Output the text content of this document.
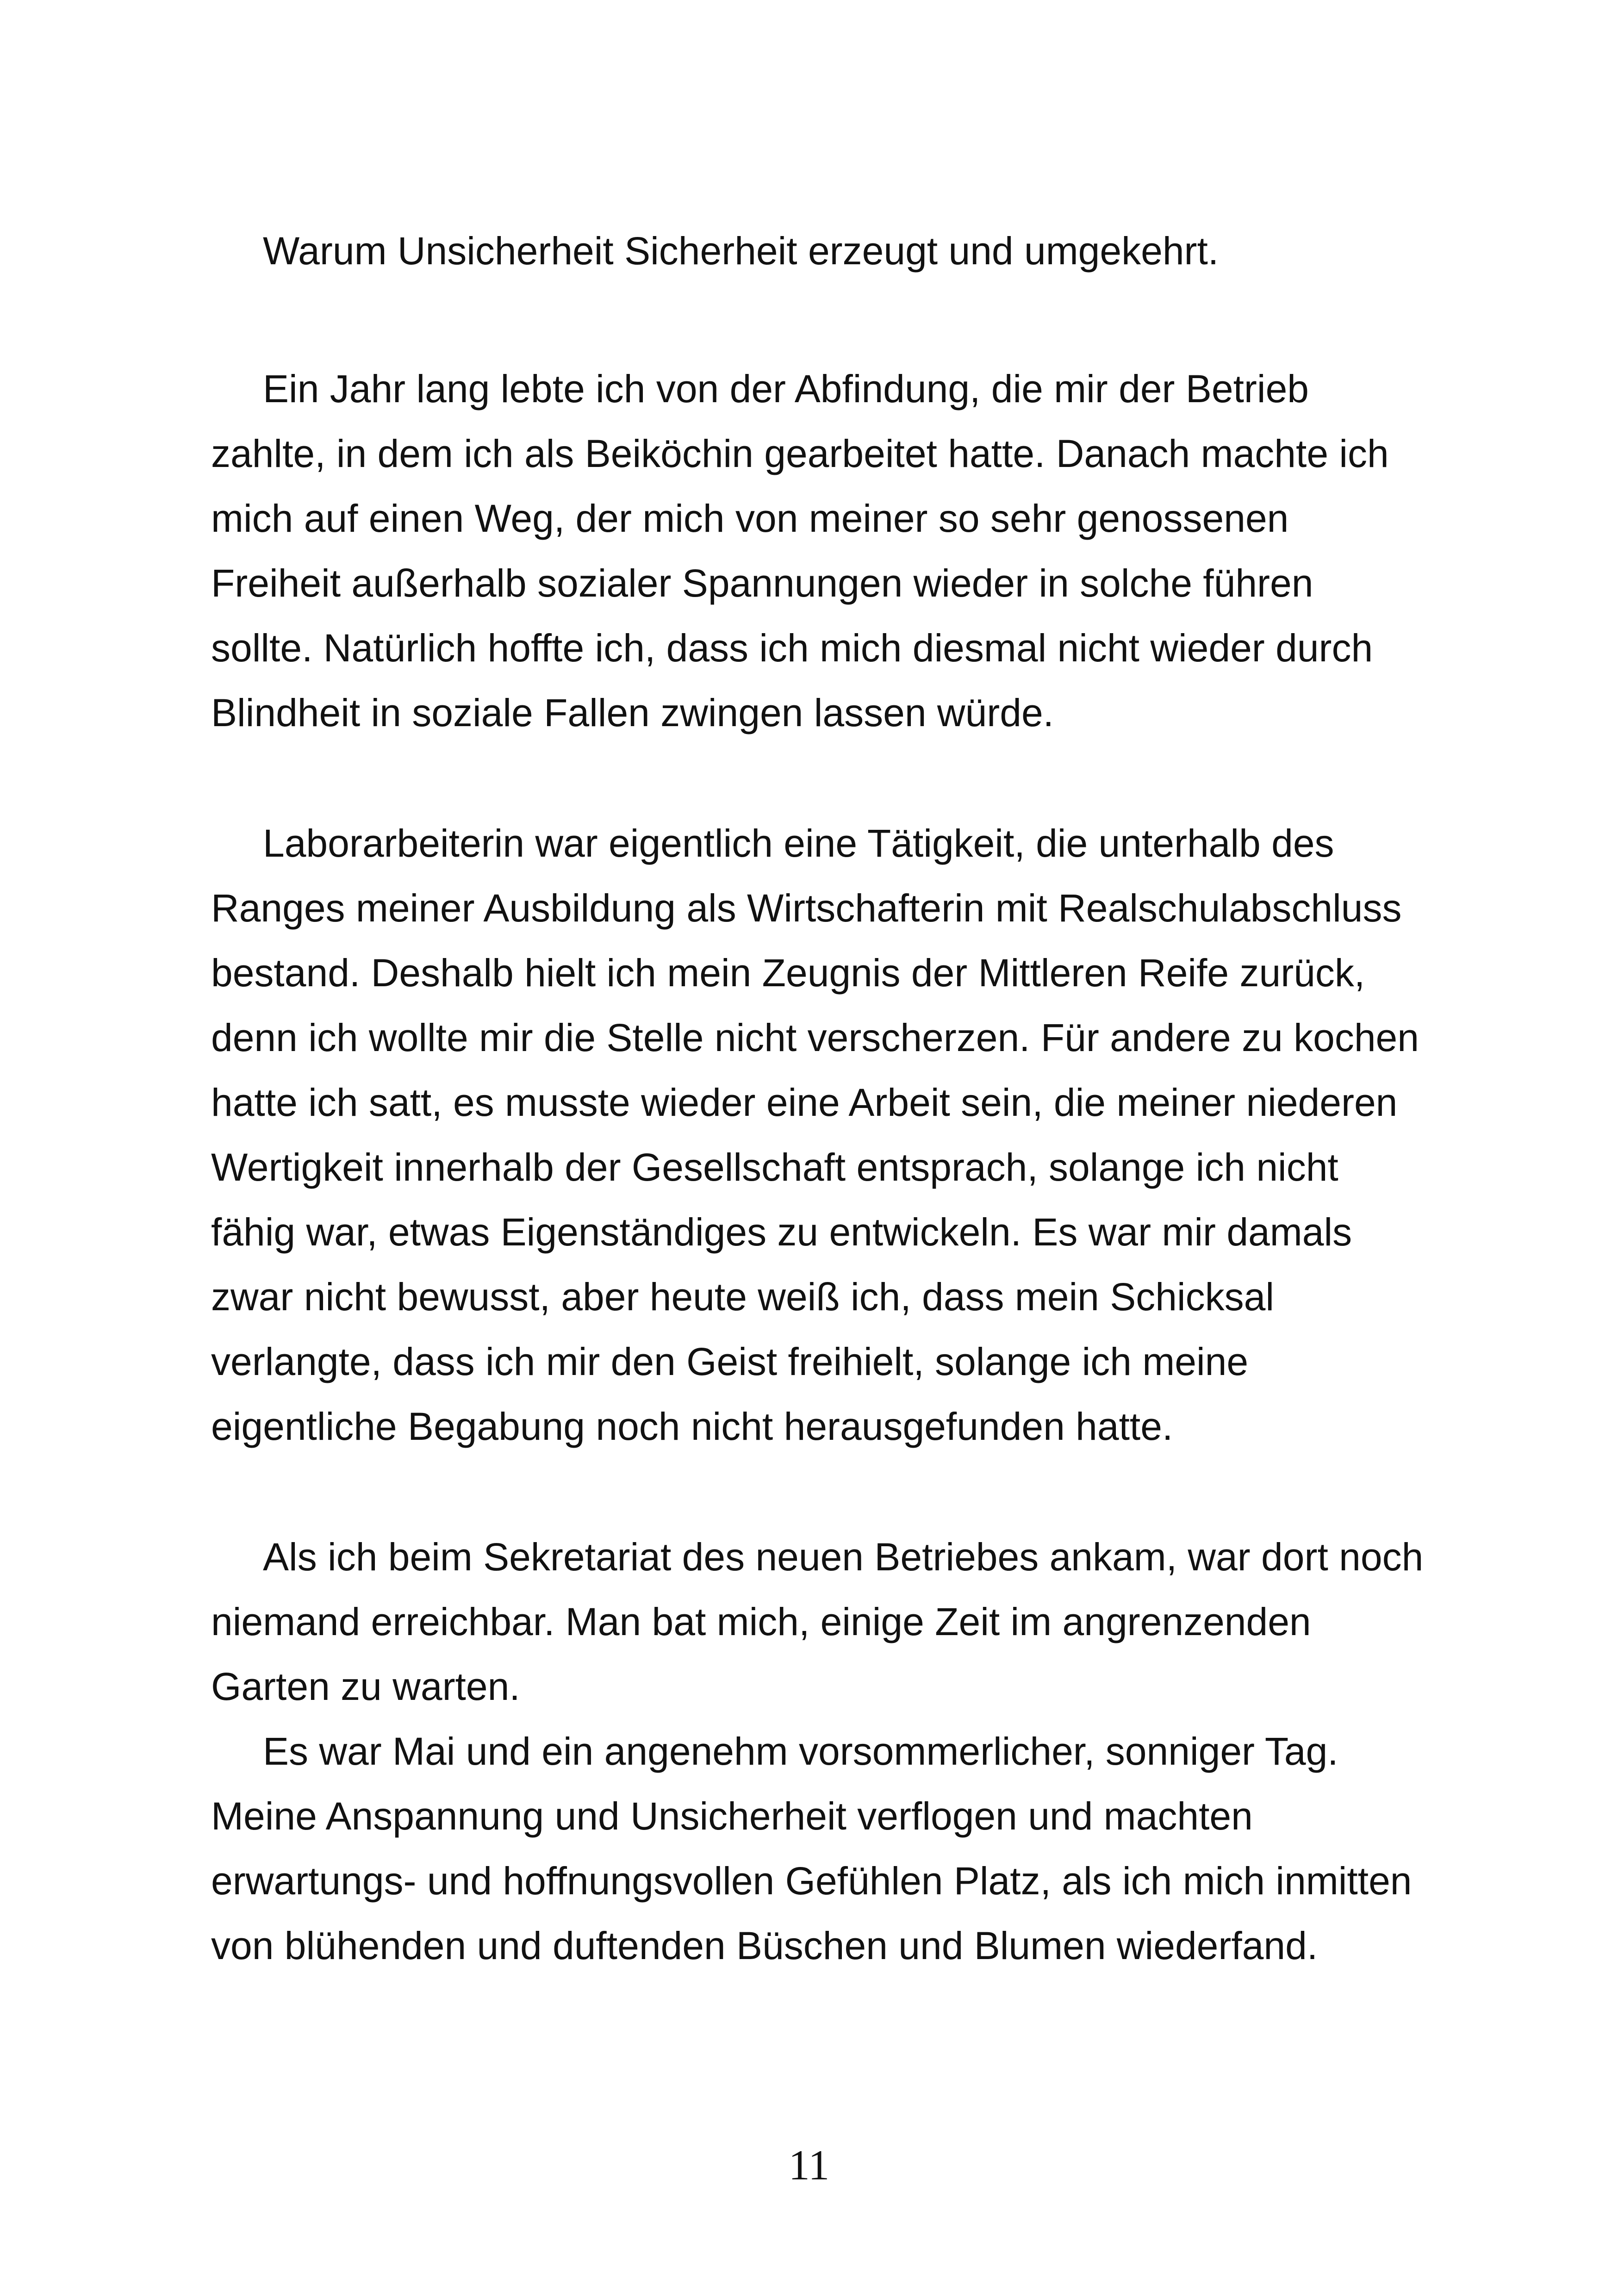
Warum Unsicherheit Sicherheit erzeugt und umgekehrt.

Ein Jahr lang lebte ich von der Abfindung, die mir der Betrieb zahlte, in dem ich als Beiköchin gearbeitet hatte. Danach machte ich mich auf einen Weg, der mich von meiner so sehr genossenen Freiheit außerhalb sozialer Spannungen wieder in solche führen sollte. Natürlich hoffte ich, dass ich mich diesmal nicht wieder durch Blindheit in soziale Fallen zwingen lassen würde.

Laborarbeiterin war eigentlich eine Tätigkeit, die unterhalb des Ranges meiner Ausbildung als Wirtschafterin mit Realschulabschluss bestand. Deshalb hielt ich mein Zeugnis der Mittleren Reife zurück, denn ich wollte mir die Stelle nicht verscherzen. Für andere zu kochen hatte ich satt, es musste wieder eine Arbeit sein, die meiner niederen Wertigkeit innerhalb der Gesellschaft entsprach, solange ich nicht fähig war, etwas Eigenständiges zu entwickeln. Es war mir damals zwar nicht bewusst, aber heute weiß ich, dass mein Schicksal verlangte, dass ich mir den Geist freihielt, solange ich meine eigentliche Begabung noch nicht herausgefunden hatte.

Als ich beim Sekretariat des neuen Betriebes ankam, war dort noch niemand erreichbar. Man bat mich, einige Zeit im angrenzenden Garten zu warten.

Es war Mai und ein angenehm vorsommerlicher, sonniger Tag. Meine Anspannung und Unsicherheit verflogen und machten erwartungs- und hoffnungsvollen Gefühlen Platz, als ich mich inmitten von blühenden und duftenden Büschen und Blumen wiederfand.

11
